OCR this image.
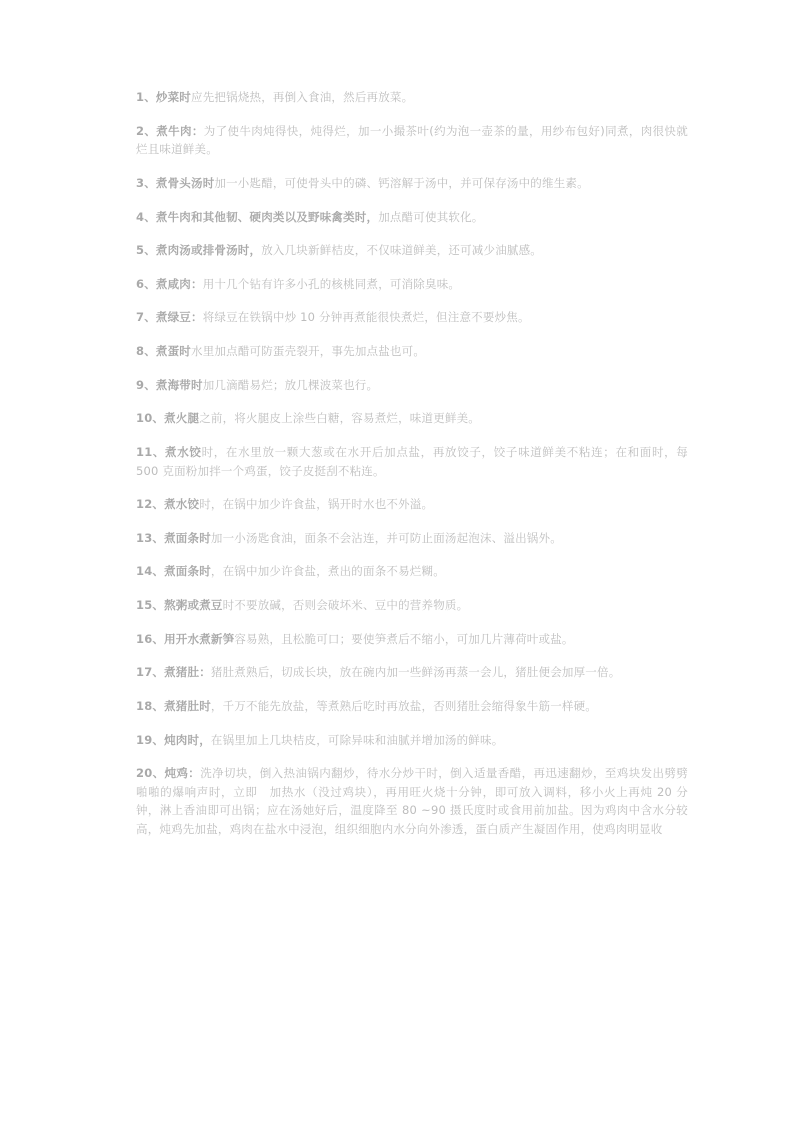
1、炒菜时应先把锅烧热，再倒入食油，然后再放菜。

2、煮牛肉：为了使牛肉炖得快，炖得烂，加一小撮茶叶(约为泡一壶茶的量，用纱布包好)同煮，肉很快就烂且味道鲜美。

3、煮骨头汤时加一小匙醋，可使骨头中的磷、钙溶解于汤中，并可保存汤中的维生素。

4、煮牛肉和其他韧、硬肉类以及野味禽类时，加点醋可使其软化。

5、煮肉汤或排骨汤时，放入几块新鲜桔皮，不仅味道鲜美，还可减少油腻感。

6、煮咸肉：用十几个钻有许多小孔的核桃同煮，可消除臭味。

7、煮绿豆：将绿豆在铁锅中炒 10 分钟再煮能很快煮烂，但注意不要炒焦。

8、煮蛋时水里加点醋可防蛋壳裂开，事先加点盐也可。

9、煮海带时加几滴醋易烂；放几棵波菜也行。

10、煮火腿之前，将火腿皮上涂些白糖，容易煮烂，味道更鲜美。

11、煮水饺时，在水里放一颗大葱或在水开后加点盐，再放饺子，饺子味道鲜美不粘连；在和面时，每 500 克面粉加拌一个鸡蛋，饺子皮挺刮不粘连。

12、煮水饺时，在锅中加少许食盐，锅开时水也不外溢。

13、煮面条时加一小汤匙食油，面条不会沾连，并可防止面汤起泡沫、溢出锅外。

14、煮面条时，在锅中加少许食盐，煮出的面条不易烂糊。

15、熬粥或煮豆时不要放碱，否则会破坏米、豆中的营养物质。

16、用开水煮新笋容易熟，且松脆可口；要使笋煮后不缩小，可加几片薄荷叶或盐。

17、煮猪肚：猪肚煮熟后，切成长块，放在碗内加一些鲜汤再蒸一会儿，猪肚便会加厚一倍。

18、煮猪肚时，千万不能先放盐，等煮熟后吃时再放盐，否则猪肚会缩得象牛筋一样硬。

19、炖肉时，在锅里加上几块桔皮，可除异味和油腻并增加汤的鲜味。

20、炖鸡：洗净切块，倒入热油锅内翻炒，待水分炒干时，倒入适量香醋，再迅速翻炒，至鸡块发出劈劈啪啪的爆响声时，立即　加热水（没过鸡块），再用旺火烧十分钟，即可放入调料，移小火上再炖 20 分钟，淋上香油即可出锅；应在汤她好后，温度降至 80 ~90 摄氏度时或食用前加盐。因为鸡肉中含水分较高，炖鸡先加盐，鸡肉在盐水中浸泡，组织细胞内水分向外渗透，蛋白质产生凝固作用，使鸡肉明显收
